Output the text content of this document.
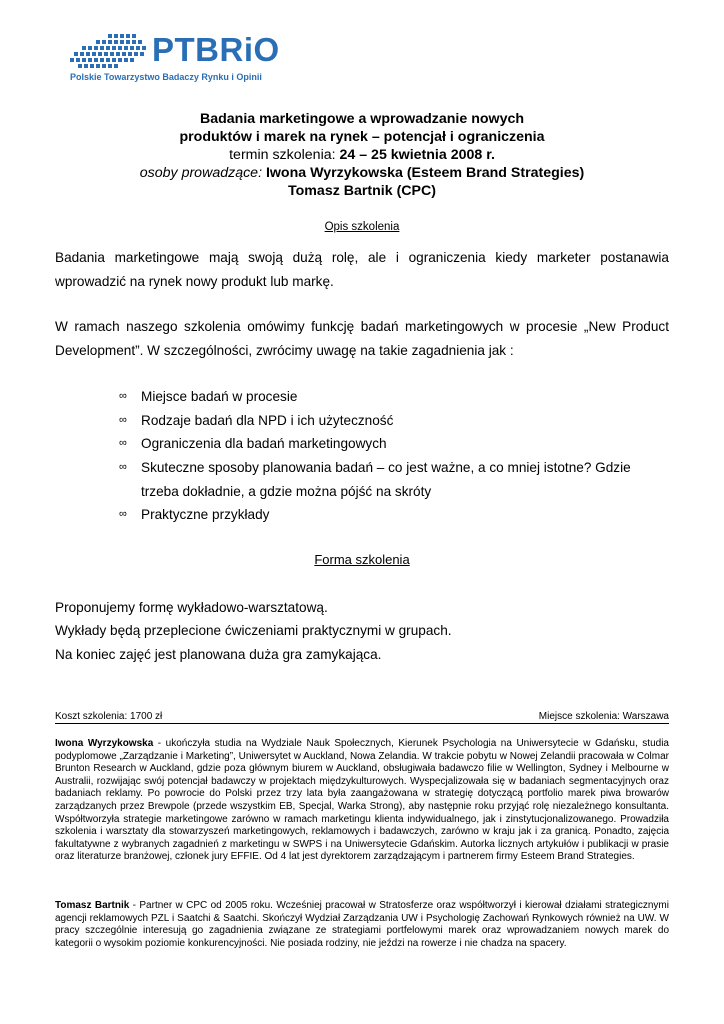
PTBRiO
Polskie Towarzystwo Badaczy Rynku i Opinii
Badania marketingowe a wprowadzanie nowych
produktów i marek na rynek – potencjał i ograniczenia
termin szkolenia: 24 – 25 kwietnia 2008 r.
osoby prowadzące: Iwona Wyrzykowska (Esteem Brand Strategies)
Tomasz Bartnik (CPC)
Opis szkolenia
Badania marketingowe mają swoją dużą rolę, ale i ograniczenia kiedy marketer postanawia wprowadzić na rynek nowy produkt lub markę.
W ramach naszego szkolenia omówimy funkcję badań marketingowych w procesie „New Product Development”. W szczególności, zwrócimy uwagę na takie zagadnienia jak :
∞	Miejsce badań w procesie
∞	Rodzaje badań dla NPD i ich użyteczność
∞	Ograniczenia dla badań marketingowych
∞	Skuteczne sposoby planowania badań – co jest ważne, a co mniej istotne? Gdzie trzeba dokładnie, a gdzie można pójść na skróty
∞	Praktyczne przykłady
Forma szkolenia
Proponujemy formę wykładowo-warsztatową.
Wykłady będą przeplecione ćwiczeniami praktycznymi w grupach.
Na koniec zajęć jest planowana duża gra zamykająca.
Koszt szkolenia: 1700 zł	Miejsce szkolenia: Warszawa
Iwona Wyrzykowska - ukończyła studia na Wydziale Nauk Społecznych, Kierunek Psychologia na Uniwersytecie w Gdańsku, studia podyplomowe „Zarządzanie i Marketing”, Uniwersytet w Auckland, Nowa Zelandia. W trakcie pobytu w Nowej Zelandii pracowała w Colmar Brunton Research w Auckland, gdzie poza głównym biurem w Auckland, obsługiwała badawczo filie w Wellington, Sydney i Melbourne w Australii, rozwijając swój potencjał badawczy w projektach międzykulturowych. Wyspecjalizowała się w badaniach segmentacyjnych oraz badaniach reklamy. Po powrocie do Polski przez trzy lata była zaangażowana w strategię dotyczącą portfolio marek piwa browarów zarządzanych przez Brewpole (przede wszystkim EB, Specjal, Warka Strong), aby następnie roku przyjąć rolę niezależnego konsultanta. Współtworzyła strategie marketingowe zarówno w ramach marketingu klienta indywidualnego, jak i zinstytucjonalizowanego. Prowadziła szkolenia i warsztaty dla stowarzyszeń marketingowych, reklamowych i badawczych, zarówno w kraju jak i za granicą. Ponadto, zajęcia fakultatywne z wybranych zagadnień z marketingu w SWPS i na Uniwersytecie Gdańskim. Autorka licznych artykułów i publikacji w prasie oraz literaturze branżowej, członek jury EFFIE. Od 4 lat jest dyrektorem zarządzającym i partnerem firmy Esteem Brand Strategies.
Tomasz Bartnik - Partner w CPC od 2005 roku. Wcześniej pracował w Stratosferze oraz współtworzył i kierował działami strategicznymi agencji reklamowych PZL i Saatchi & Saatchi. Skończył Wydział Zarządzania UW i Psychologię Zachowań Rynkowych również na UW. W pracy szczególnie interesują go zagadnienia związane ze strategiami portfelowymi marek oraz wprowadzaniem nowych marek do kategorii o wysokim poziomie konkurencyjności. Nie posiada rodziny, nie jeździ na rowerze i nie chadza na spacery.
